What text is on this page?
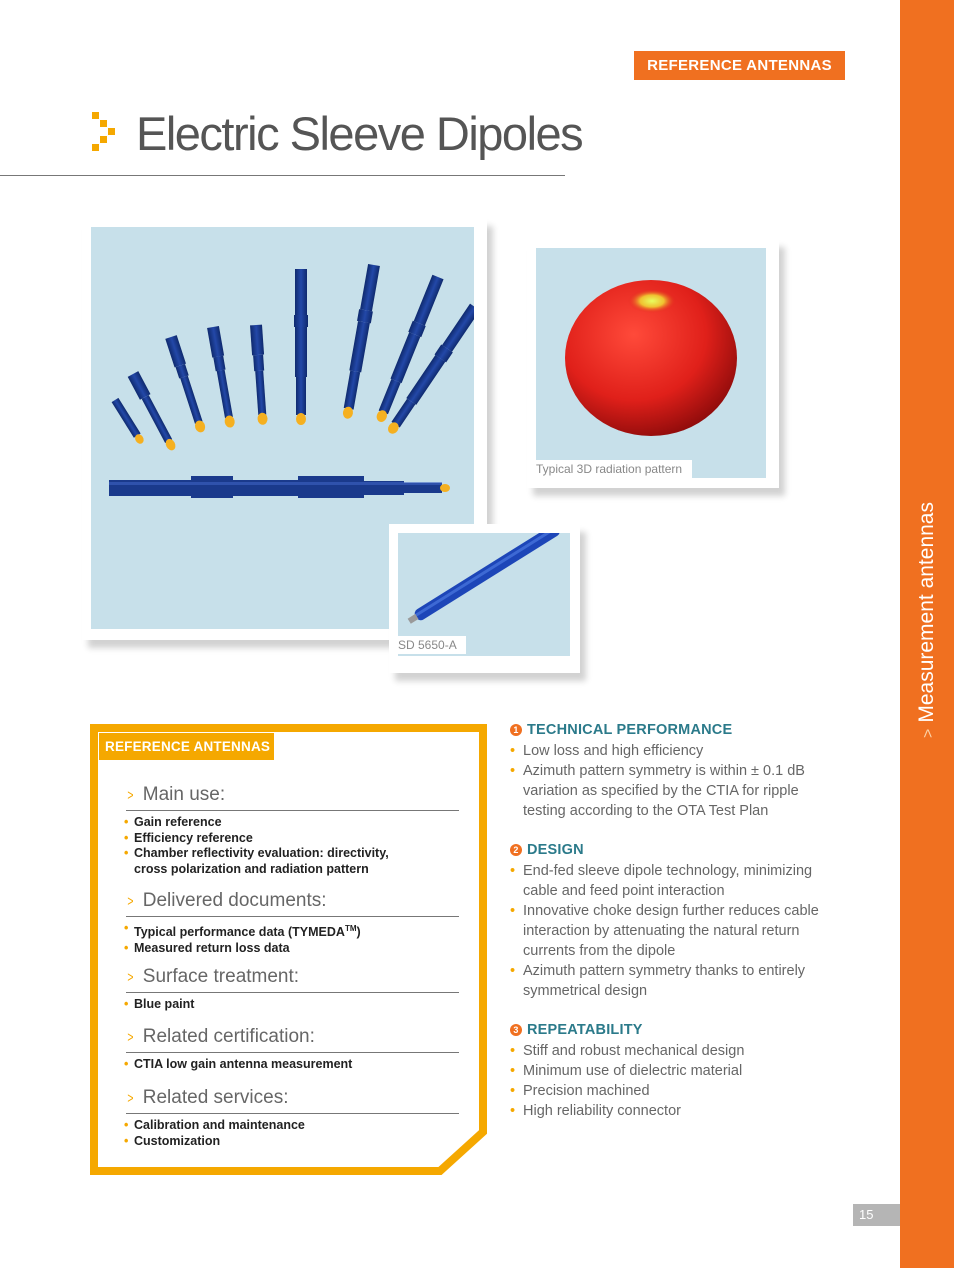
>Measurement antennas
15
REFERENCE ANTENNAS
Electric Sleeve Dipoles
Typical 3D radiation pattern
SD 5650-A
REFERENCE ANTENNAS
> Main use:
• Gain reference
• Efficiency reference
• Chamber reflectivity evaluation: directivity, cross polarization and radiation pattern
> Delivered documents:
• Typical performance data (TYMEDA™)
• Measured return loss data
> Surface treatment:
• Blue paint
> Related certification:
• CTIA low gain antenna measurement
> Related services:
• Calibration and maintenance
• Customization
1 TECHNICAL PERFORMANCE
• Low loss and high efficiency
• Azimuth pattern symmetry is within ± 0.1 dB variation as specified by the CTIA for ripple testing according to the OTA Test Plan
2 DESIGN
• End-fed sleeve dipole technology, minimizing cable and feed point interaction
• Innovative choke design further reduces cable interaction by attenuating the natural return currents from the dipole
• Azimuth pattern symmetry thanks to entirely symmetrical design
3 REPEATABILITY
• Stiff and robust mechanical design
• Minimum use of dielectric material
• Precision machined
• High reliability connector
